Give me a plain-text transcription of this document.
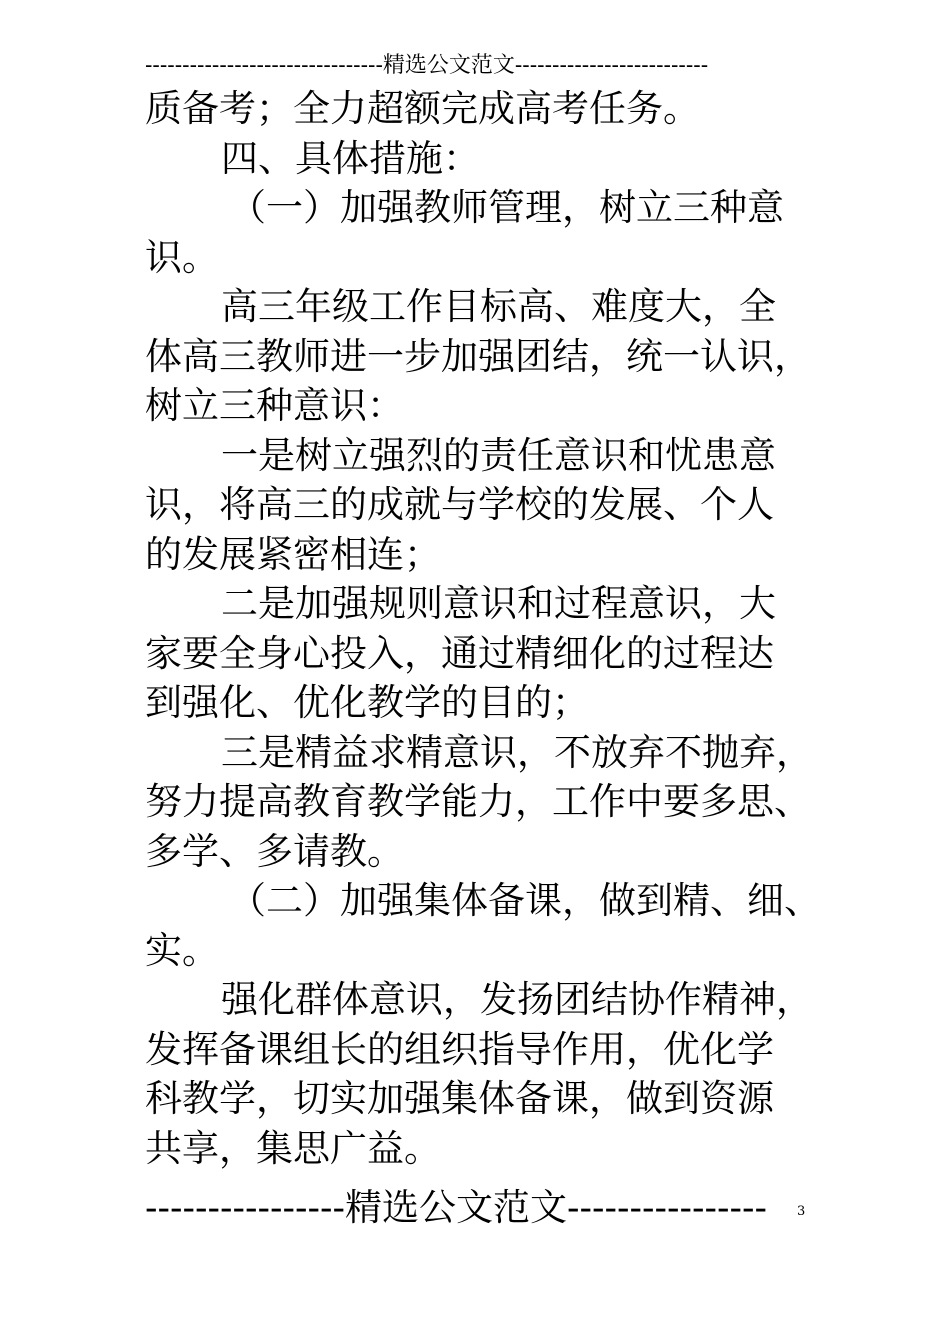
--------------------------------精选公文范文--------------------------
质备考；全力超额完成高考任务。
四、具体措施：
（一）加强教师管理，树立三种意
识。
高三年级工作目标高、难度大，全
体高三教师进一步加强团结，统一认识，
树立三种意识：
一是树立强烈的责任意识和忧患意
识，将高三的成就与学校的发展、个人
的发展紧密相连；
二是加强规则意识和过程意识，大
家要全身心投入，通过精细化的过程达
到强化、优化教学的目的；
三是精益求精意识，不放弃不抛弃，
努力提高教育教学能力，工作中要多思、
多学、多请教。
（二）加强集体备课，做到精、细、
实。
强化群体意识，发扬团结协作精神，
发挥备课组长的组织指导作用，优化学
科教学，切实加强集体备课，做到资源
共享，集思广益。
----------------精选公文范文----------------	3
